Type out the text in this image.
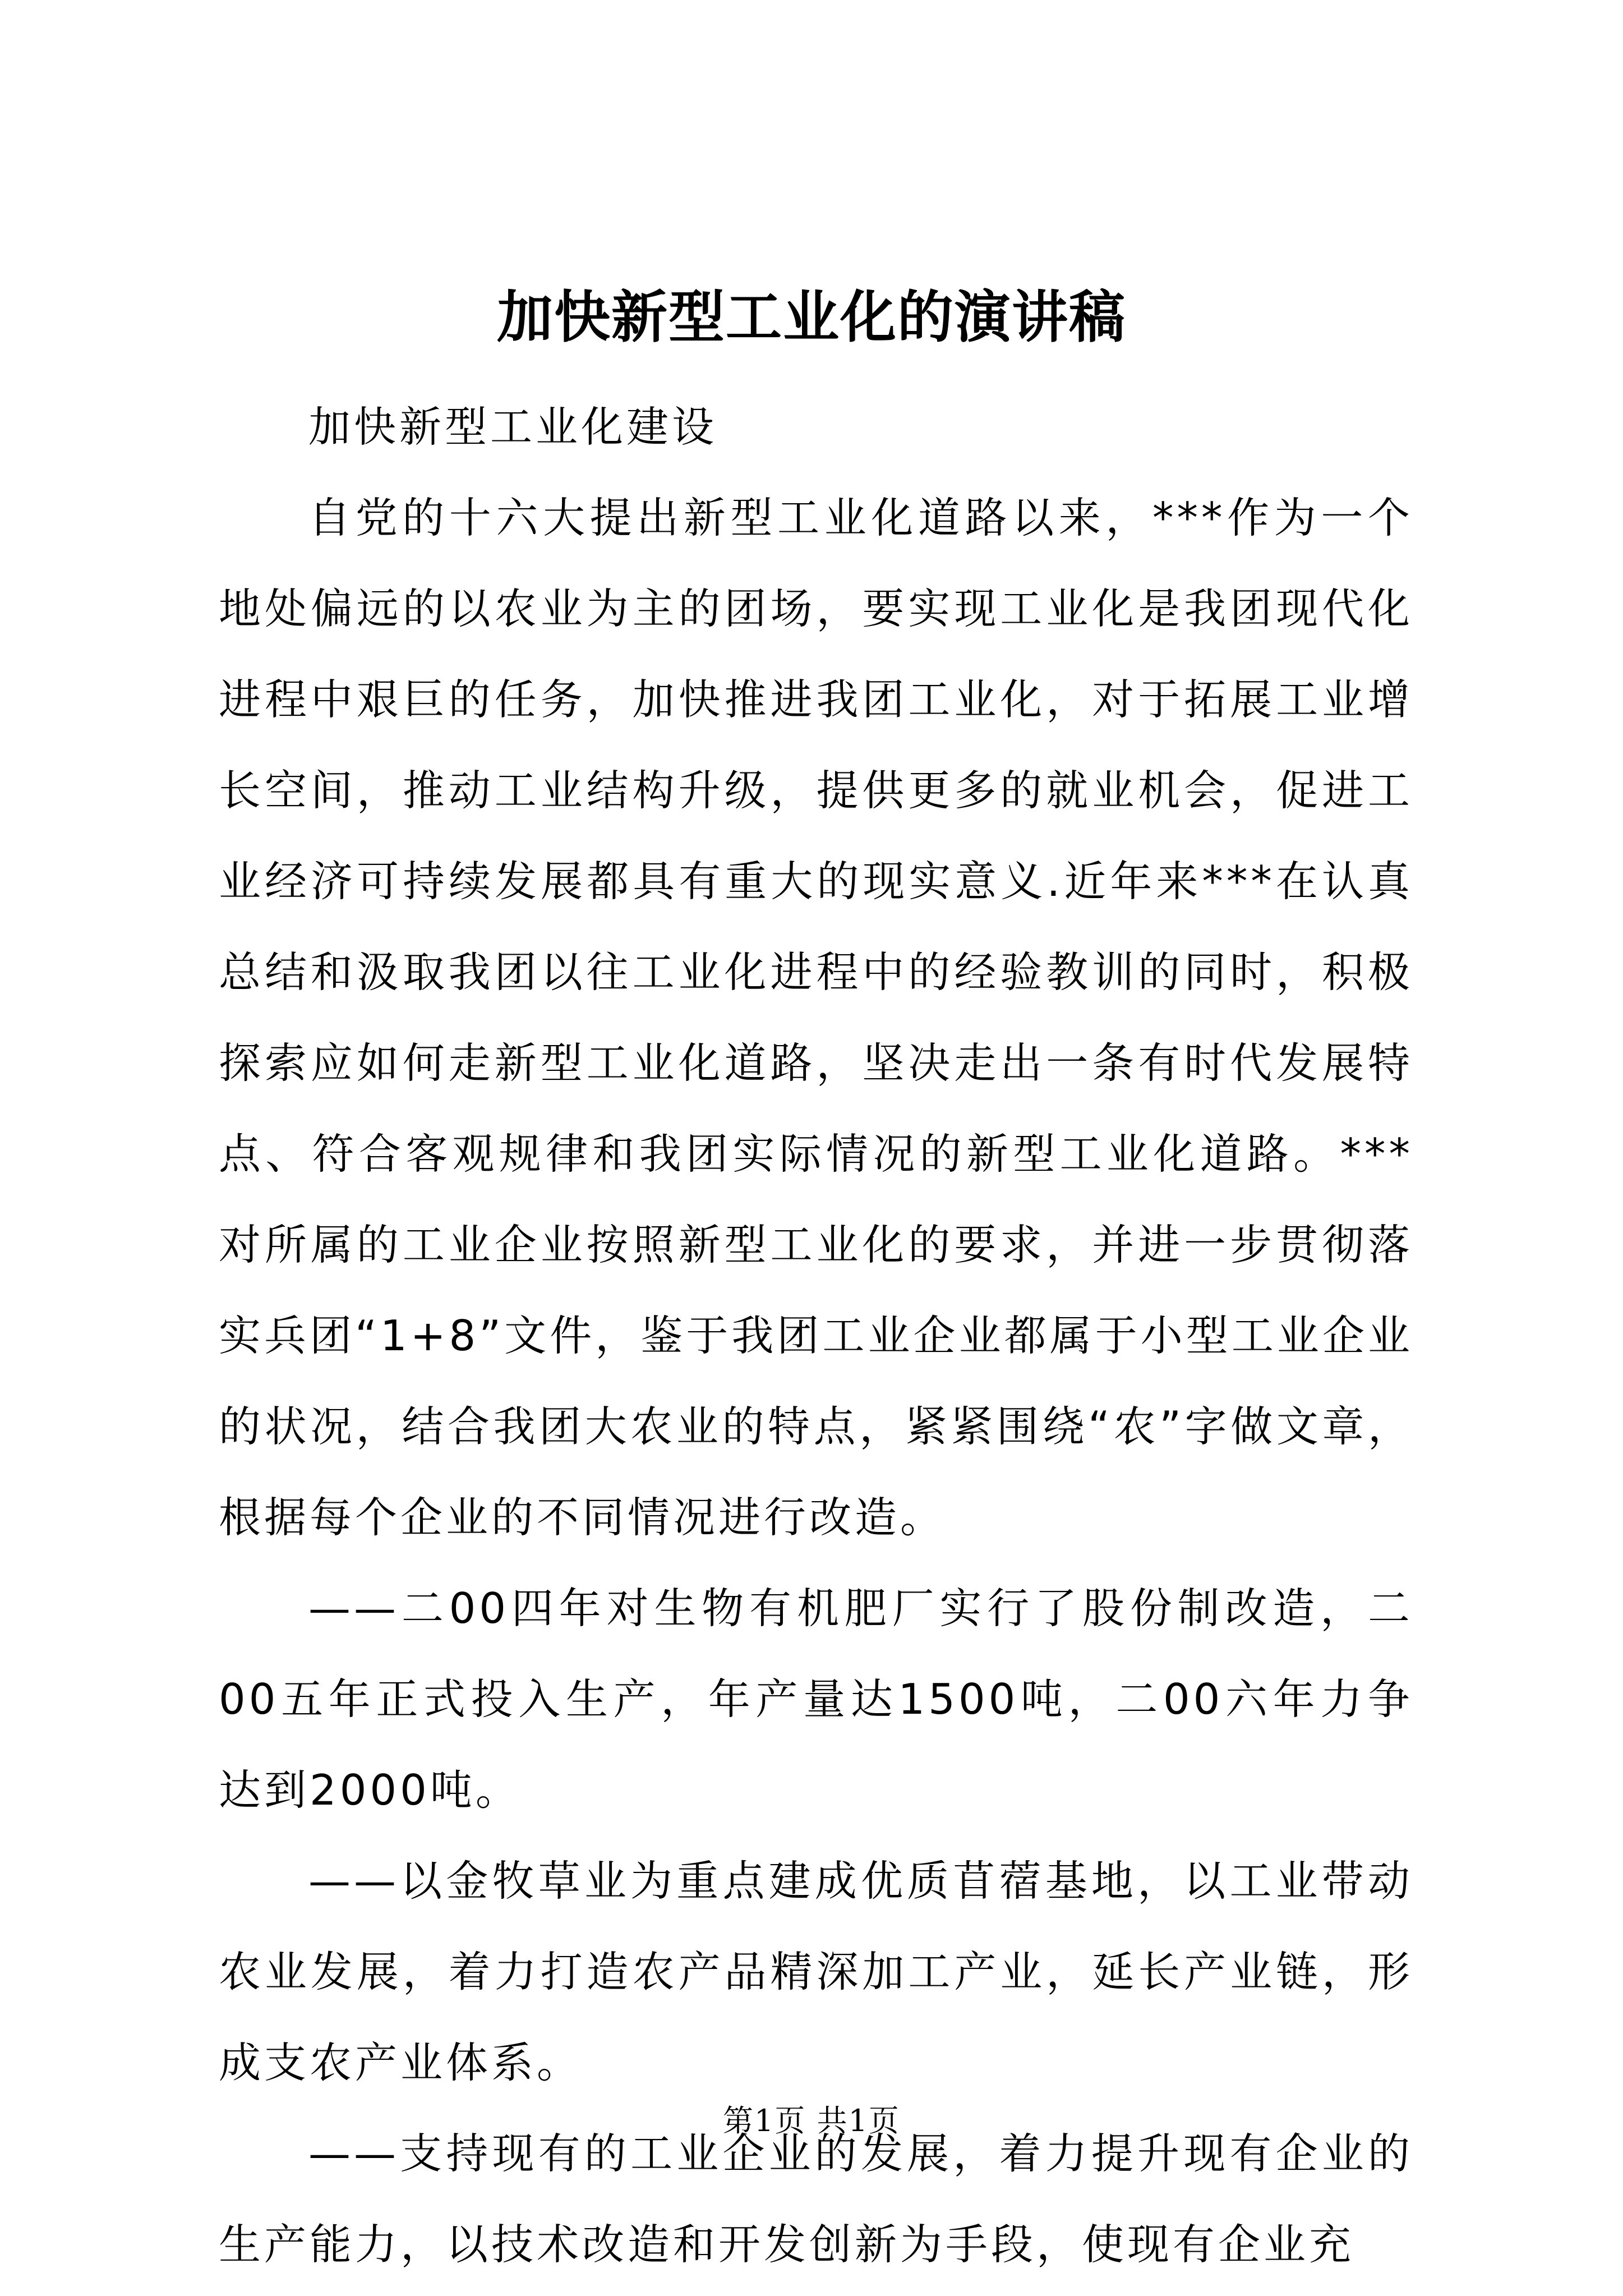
加快新型工业化的演讲稿

加快新型工业化建设

自党的十六大提出新型工业化道路以来，***作为一个地处偏远的以农业为主的团场，要实现工业化是我团现代化进程中艰巨的任务，加快推进我团工业化，对于拓展工业增长空间，推动工业结构升级，提供更多的就业机会，促进工业经济可持续发展都具有重大的现实意义.近年来***在认真总结和汲取我团以往工业化进程中的经验教训的同时，积极探索应如何走新型工业化道路，坚决走出一条有时代发展特点、符合客观规律和我团实际情况的新型工业化道路。***对所属的工业企业按照新型工业化的要求，并进一步贯彻落实兵团“1+8”文件，鉴于我团工业企业都属于小型工业企业的状况，结合我团大农业的特点，紧紧围绕“农”字做文章，根据每个企业的不同情况进行改造。

——二00四年对生物有机肥厂实行了股份制改造，二00五年正式投入生产，年产量达1500吨，二00六年力争达到2000吨。

——以金牧草业为重点建成优质苜蓿基地，以工业带动农业发展，着力打造农产品精深加工产业，延长产业链，形成支农产业体系。

——支持现有的工业企业的发展，着力提升现有企业的生产能力，以技术改造和开发创新为手段，使现有企业充

第1页 共1页
